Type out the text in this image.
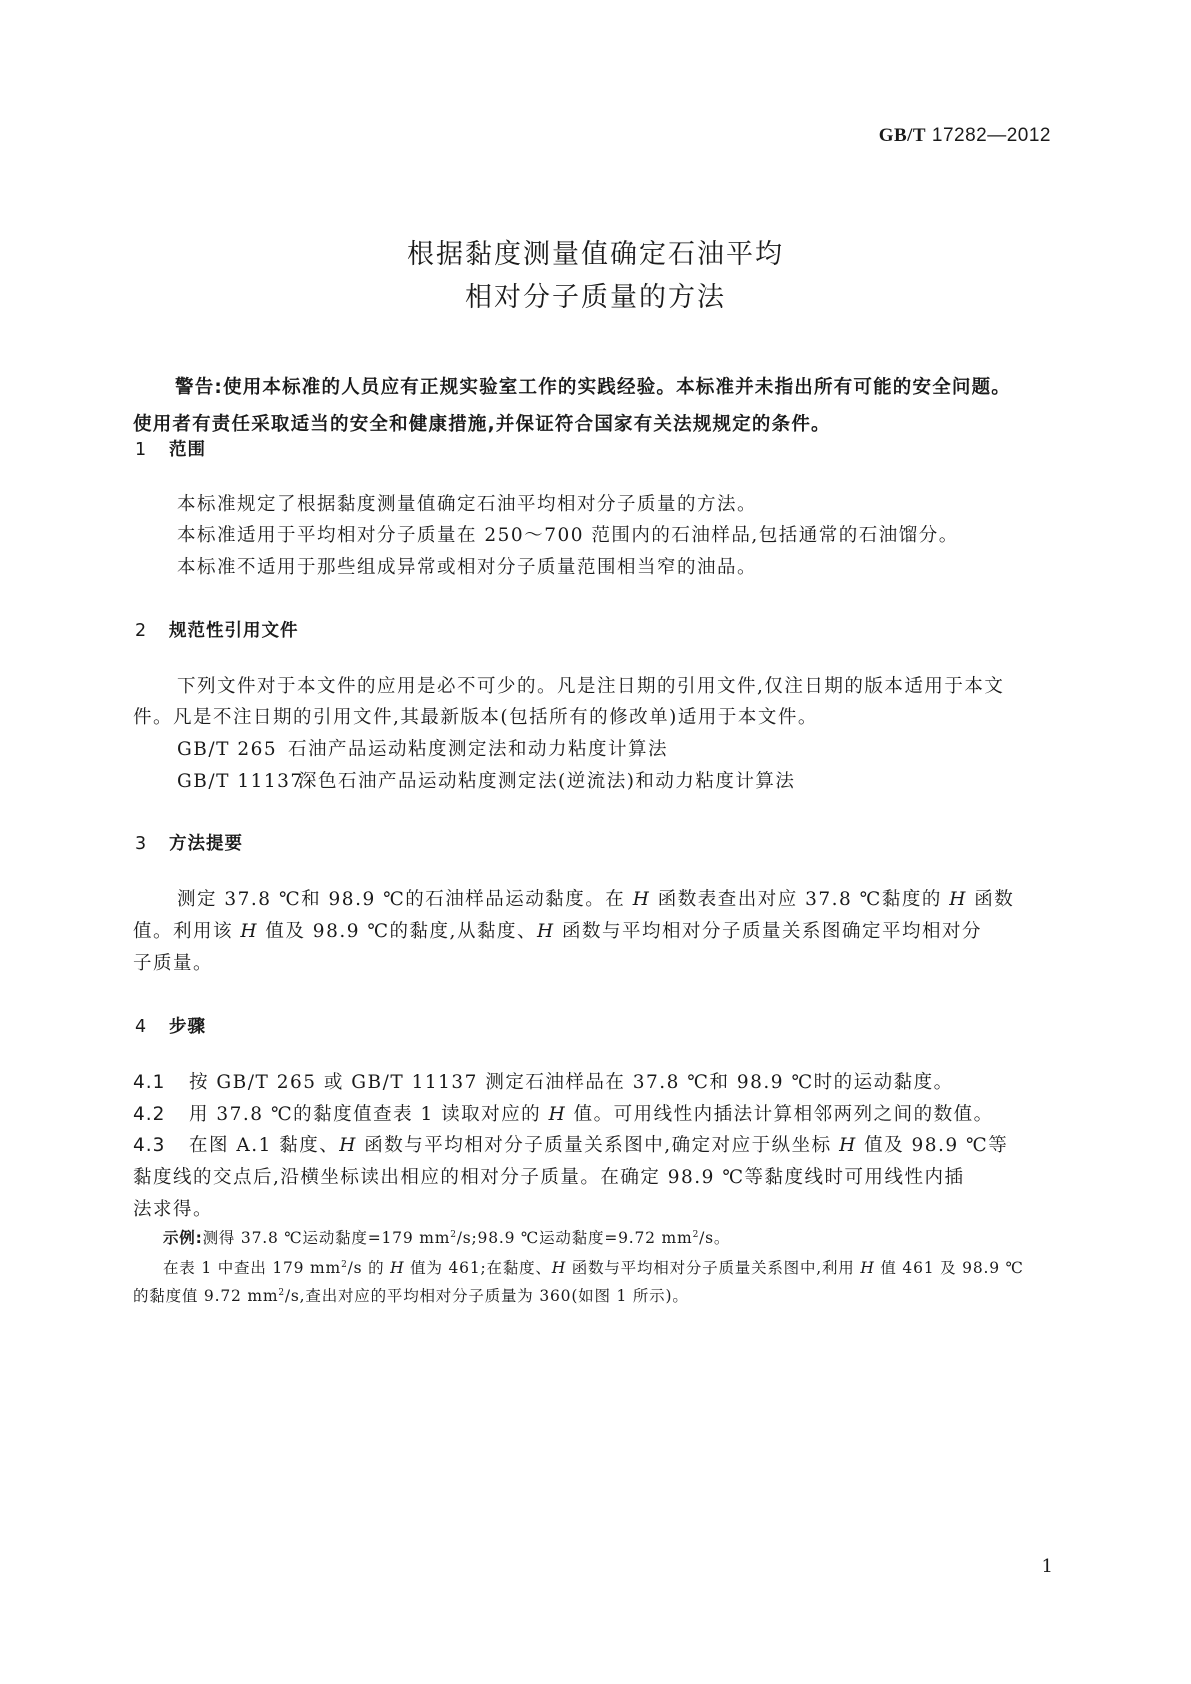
GB/T 17282—2012
根据黏度测量值确定石油平均
相对分子质量的方法
警告:使用本标准的人员应有正规实验室工作的实践经验。本标准并未指出所有可能的安全问题。
使用者有责任采取适当的安全和健康措施,并保证符合国家有关法规规定的条件。
1 范围
本标准规定了根据黏度测量值确定石油平均相对分子质量的方法。
本标准适用于平均相对分子质量在 250～700 范围内的石油样品,包括通常的石油馏分。
本标准不适用于那些组成异常或相对分子质量范围相当窄的油品。
2 规范性引用文件
下列文件对于本文件的应用是必不可少的。凡是注日期的引用文件,仅注日期的版本适用于本文
件。凡是不注日期的引用文件,其最新版本(包括所有的修改单)适用于本文件。
GB/T 265 石油产品运动粘度测定法和动力粘度计算法
GB/T 11137深色石油产品运动粘度测定法(逆流法)和动力粘度计算法
3 方法提要
测定 37.8 ℃和 98.9 ℃的石油样品运动黏度。在 H 函数表查出对应 37.8 ℃黏度的 H 函数
值。利用该 H 值及 98.9 ℃的黏度,从黏度、H 函数与平均相对分子质量关系图确定平均相对分
子质量。
4 步骤
4.1 按 GB/T 265 或 GB/T 11137 测定石油样品在 37.8 ℃和 98.9 ℃时的运动黏度。
4.2 用 37.8 ℃的黏度值查表 1 读取对应的 H 值。可用线性内插法计算相邻两列之间的数值。
4.3 在图 A.1 黏度、H 函数与平均相对分子质量关系图中,确定对应于纵坐标 H 值及 98.9 ℃等
黏度线的交点后,沿横坐标读出相应的相对分子质量。在确定 98.9 ℃等黏度线时可用线性内插
法求得。
示例:测得 37.8 ℃运动黏度=179 $mm^2/s;98.9$ ℃运动黏度=9.72 $mm^2/s$。
在表 1 中查出 179 $mm^2/s$ 的 H 值为 461;在黏度、H 函数与平均相对分子质量关系图中,利用 H 值 461 及 98.9 ℃
的黏度值 9.72 $mm^2/s$,查出对应的平均相对分子质量为 360(如图 1 所示)。
1
